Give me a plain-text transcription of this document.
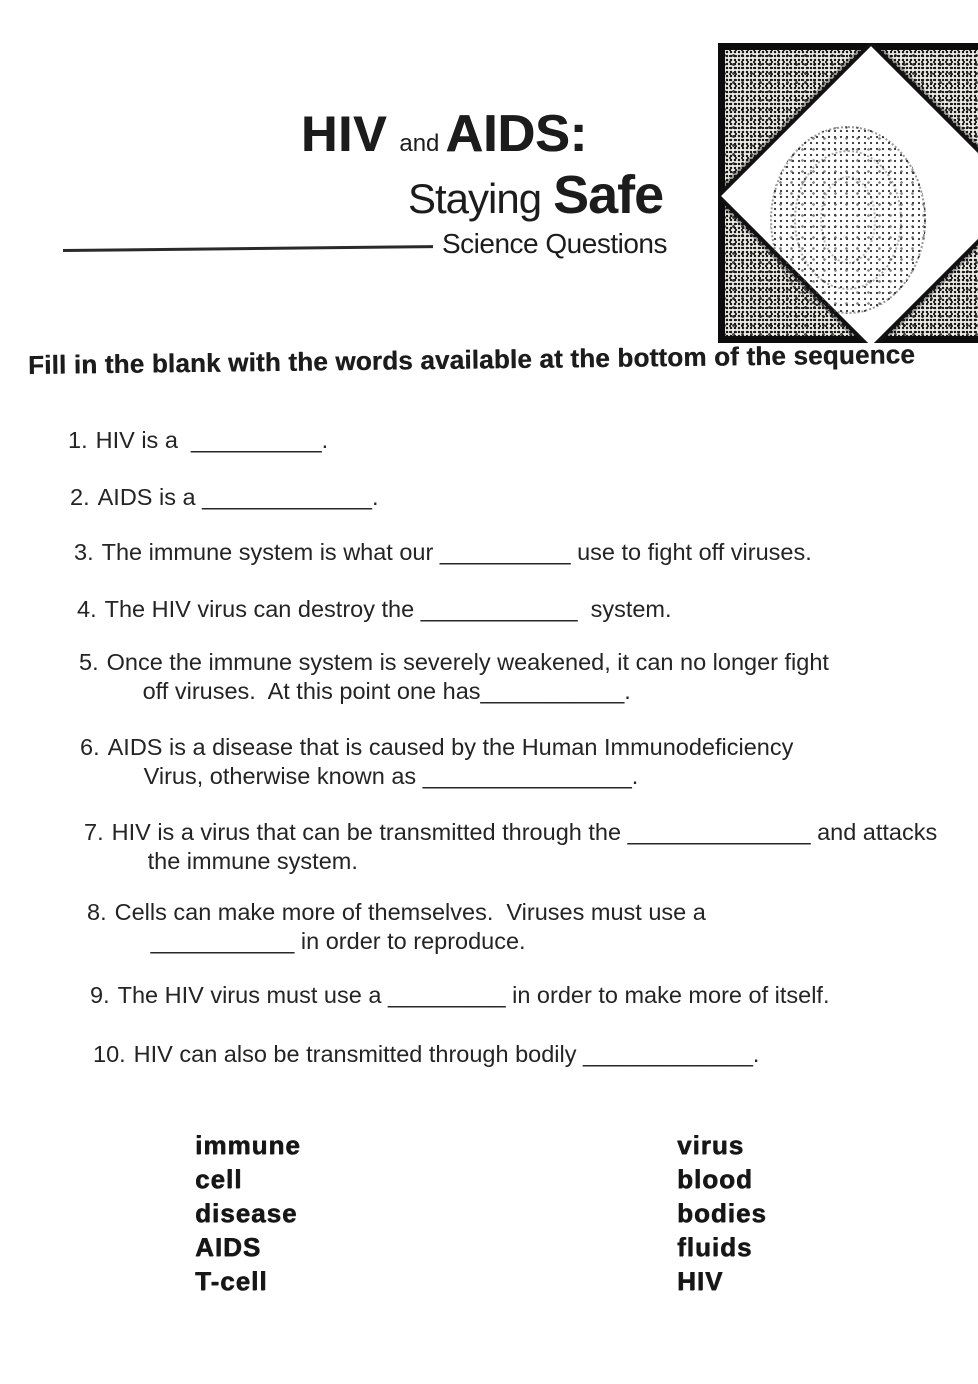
HIV and AIDS:
Staying Safe
Science Questions
Fill in the blank with the words available at the bottom of the sequence
1. HIV is a  __________.
2. AIDS is a _____________.
3. The immune system is what our __________ use to fight off viruses.
4. The HIV virus can destroy the ____________  system.
5. Once the immune system is severely weakened, it can no longer fight
off viruses.  At this point one has___________.
6. AIDS is a disease that is caused by the Human Immunodeficiency
Virus, otherwise known as ________________.
7. HIV is a virus that can be transmitted through the ______________ and attacks
the immune system.
8. Cells can make more of themselves.  Viruses must use a
___________ in order to reproduce.
9. The HIV virus must use a _________ in order to make more of itself.
10. HIV can also be transmitted through bodily _____________.
immune
cell
disease
AIDS
T-cell
virus
blood
bodies
fluids
HIV
